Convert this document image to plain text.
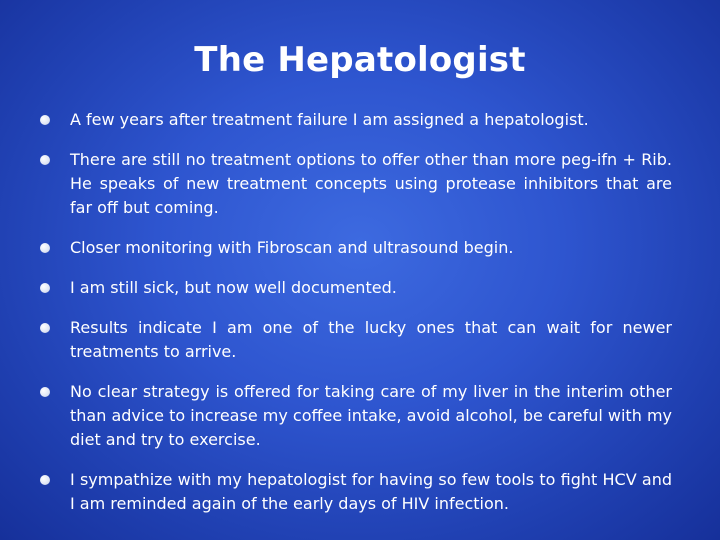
The Hepatologist
A few years after treatment failure I am assigned a hepatologist.
There are still no treatment options to offer other than more peg-ifn + Rib. He speaks of new treatment concepts using protease inhibitors that are far off but coming.
Closer monitoring with Fibroscan and ultrasound begin.
I am still sick, but now well documented.
Results indicate I am one of the lucky ones that can wait for newer treatments to arrive.
No clear strategy is offered for taking care of my liver in the interim other than advice to increase my coffee intake, avoid alcohol, be careful with my diet and try to exercise.
I sympathize with my hepatologist for having so few tools to fight HCV and I am reminded again of the early days of HIV infection.
